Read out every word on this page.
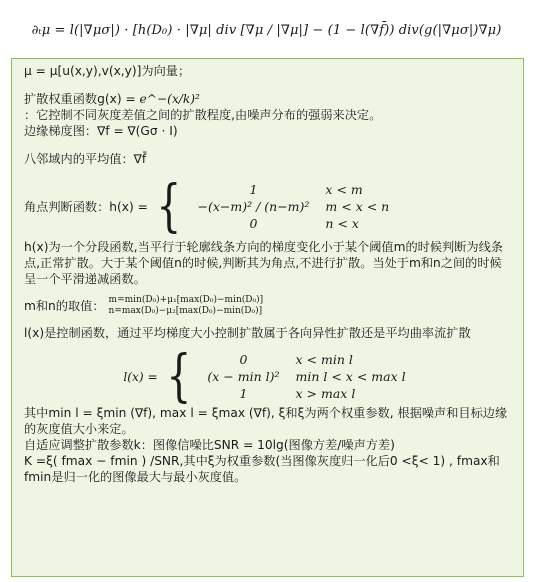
∂ₜμ = l(|∇μσ|) · [h(D₀) · |∇μ| div [∇μ / |∇μ|] − (1 − l(∇f̄)) div(g(|∇μσ|)∇μ)
μ = μ[u(x,y),v(x,y)]为向量；
扩散权重函数g(x) = e^−(x/k)²
：它控制不同灰度差值之间的扩散程度,由噪声分布的强弱来决定。
边缘梯度图：∇f = ∇(Gσ · I)
八邻域内的平均值：∇f̄
角点判断函数：h(x) = {	1	x < m
−(x−m)² / (n−m)²	m < x < n
0	n < x
h(x)为一个分段函数,当平行于轮廓线条方向的梯度变化小于某个阈值m的时候判断为线条点,正常扩散。大于某个阈值n的时候,判断其为角点,不进行扩散。当处于m和n之间的时候呈一个平滑递减函数。
m和n的取值： m=min(D₀)+μ₁[max(D₀)−min(D₀)]
n=max(D₀)−μ₂[max(D₀)−min(D₀)]
l(x)是控制函数，通过平均梯度大小控制扩散属于各向异性扩散还是平均曲率流扩散
l(x) = {	0	x < min l
(x − min l)²	min l < x < max l
1	x > max l
其中min l = ξmin (∇f), max l = ξmax (∇f), ξ和ξ为两个权重参数, 根据噪声和目标边缘的灰度值大小来定。
自适应调整扩散参数k：图像信噪比SNR = 10lg(图像方差/噪声方差)
K =ξ( fmax − fmin ) /SNR,其中ξ为权重参数(当图像灰度归一化后0 <ξ< 1) , fmax和fmin是归一化的图像最大与最小灰度值。
